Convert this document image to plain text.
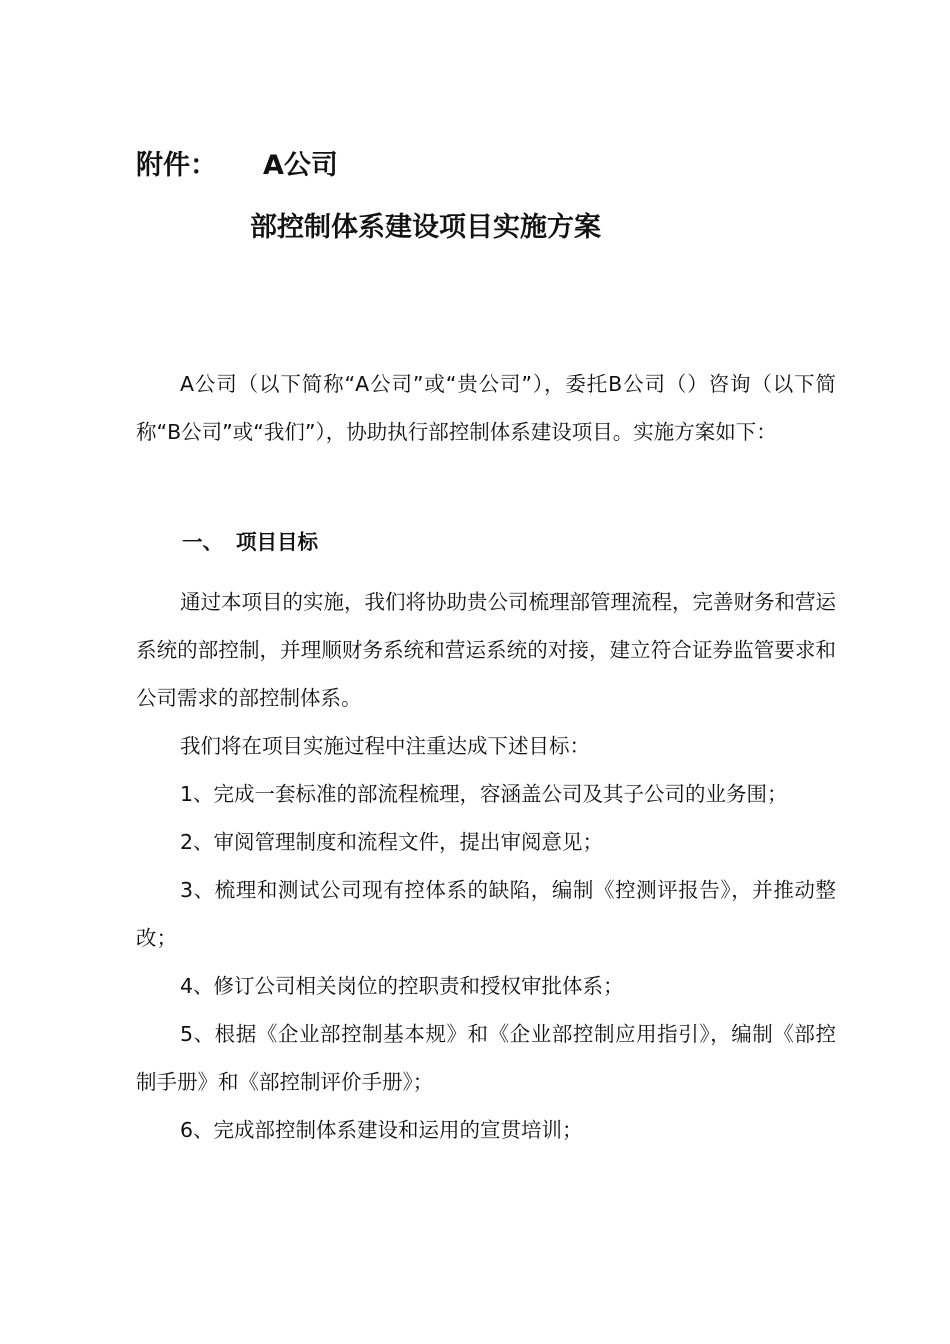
附件： A公司
部控制体系建设项目实施方案

A公司（以下简称“A公司”或“贵公司”），委托B公司（）咨询（以下简称“B公司”或“我们”），协助执行部控制体系建设项目。实施方案如下：

一、 项目目标

通过本项目的实施，我们将协助贵公司梳理部管理流程，完善财务和营运系统的部控制，并理顺财务系统和营运系统的对接，建立符合证券监管要求和公司需求的部控制体系。

我们将在项目实施过程中注重达成下述目标：

1、完成一套标准的部流程梳理，容涵盖公司及其子公司的业务围；

2、审阅管理制度和流程文件，提出审阅意见；

3、梳理和测试公司现有控体系的缺陷，编制《控测评报告》，并推动整改；

4、修订公司相关岗位的控职责和授权审批体系；

5、根据《企业部控制基本规》和《企业部控制应用指引》，编制《部控制手册》和《部控制评价手册》；

6、完成部控制体系建设和运用的宣贯培训；
